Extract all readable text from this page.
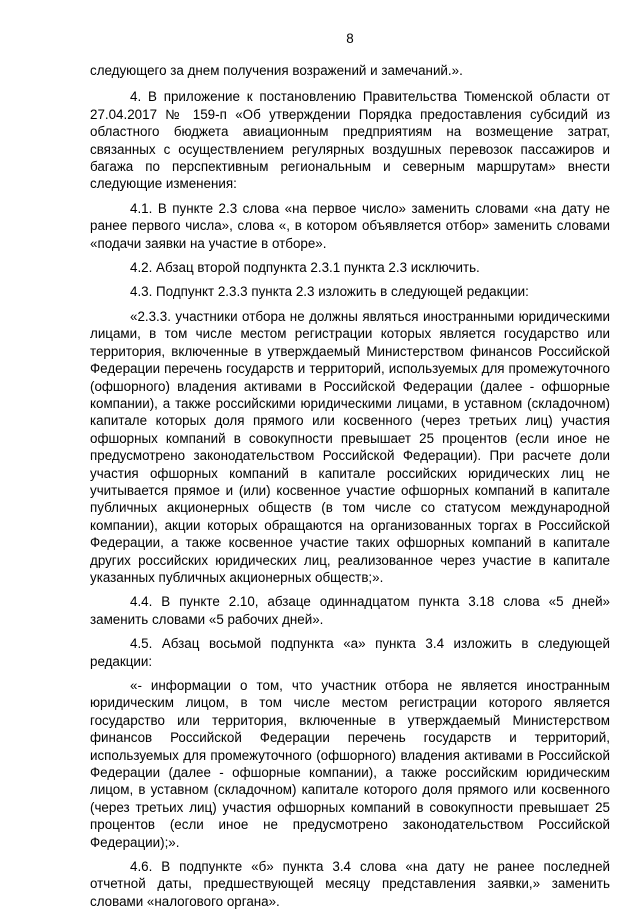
8

следующего за днем получения возражений и замечаний.».

4. В приложение к постановлению Правительства Тюменской области от 27.04.2017 № 159-п «Об утверждении Порядка предоставления субсидий из областного бюджета авиационным предприятиям на возмещение затрат, связанных с осуществлением регулярных воздушных перевозок пассажиров и багажа по перспективным региональным и северным маршрутам» внести следующие изменения:

4.1. В пункте 2.3 слова «на первое число» заменить словами «на дату не ранее первого числа», слова «, в котором объявляется отбор» заменить словами «подачи заявки на участие в отборе».

4.2. Абзац второй подпункта 2.3.1 пункта 2.3 исключить.

4.3. Подпункт 2.3.3 пункта 2.3 изложить в следующей редакции:

«2.3.3. участники отбора не должны являться иностранными юридическими лицами, в том числе местом регистрации которых является государство или территория, включенные в утверждаемый Министерством финансов Российской Федерации перечень государств и территорий, используемых для промежуточного (офшорного) владения активами в Российской Федерации (далее - офшорные компании), а также российскими юридическими лицами, в уставном (складочном) капитале которых доля прямого или косвенного (через третьих лиц) участия офшорных компаний в совокупности превышает 25 процентов (если иное не предусмотрено законодательством Российской Федерации). При расчете доли участия офшорных компаний в капитале российских юридических лиц не учитывается прямое и (или) косвенное участие офшорных компаний в капитале публичных акционерных обществ (в том числе со статусом международной компании), акции которых обращаются на организованных торгах в Российской Федерации, а также косвенное участие таких офшорных компаний в капитале других российских юридических лиц, реализованное через участие в капитале указанных публичных акционерных обществ;».

4.4. В пункте 2.10, абзаце одиннадцатом пункта 3.18 слова «5 дней» заменить словами «5 рабочих дней».

4.5. Абзац восьмой подпункта «а» пункта 3.4 изложить в следующей редакции:

«- информации о том, что участник отбора не является иностранным юридическим лицом, в том числе местом регистрации которого является государство или территория, включенные в утверждаемый Министерством финансов Российской Федерации перечень государств и территорий, используемых для промежуточного (офшорного) владения активами в Российской Федерации (далее - офшорные компании), а также российским юридическим лицом, в уставном (складочном) капитале которого доля прямого или косвенного (через третьих лиц) участия офшорных компаний в совокупности превышает 25 процентов (если иное не предусмотрено законодательством Российской Федерации);».

4.6. В подпункте «б» пункта 3.4 слова «на дату не ранее последней отчетной даты, предшествующей месяцу представления заявки,» заменить словами «налогового органа».
